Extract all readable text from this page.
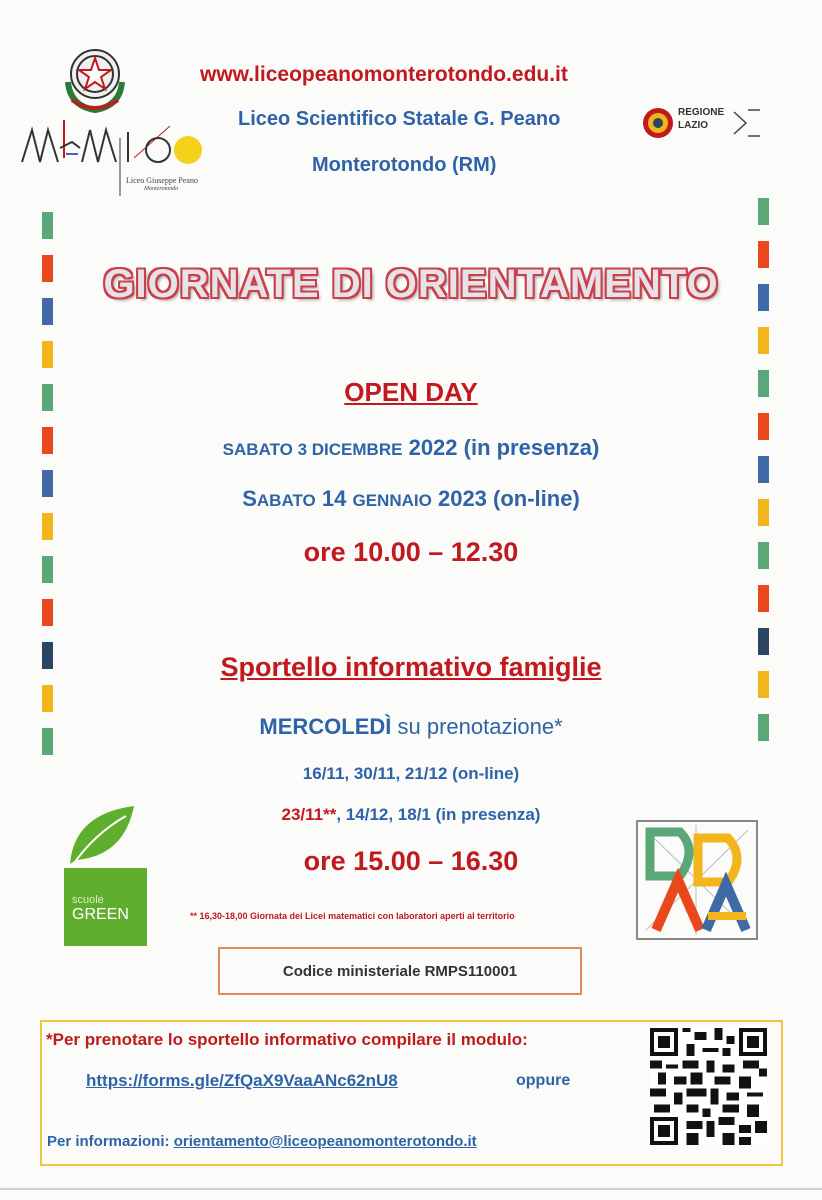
Liceo Giuseppe Peano
Monterotondo
www.liceopeanomonterotondo.edu.it
Liceo Scientifico Statale G. Peano
Monterotondo (RM)
REGIONE
LAZIO
GIORNATE DI ORIENTAMENTO
OPEN DAY
SABATO 3 DICEMBRE 2022 (in presenza)
SABATO 14 GENNAIO 2023 (on-line)
ore 10.00 – 12.30
Sportello informativo famiglie
MERCOLEDÌ su prenotazione*
16/11, 30/11, 21/12 (on-line)
23/11**, 14/12, 18/1 (in presenza)
ore 15.00 – 16.30
** 16,30-18,00 Giornata dei Licei matematici con laboratori aperti al territorio
scuole
GREEN
Codice ministeriale RMPS110001
*Per prenotare lo sportello informativo compilare il modulo:
https://forms.gle/ZfQaX9VaaANc62nU8	oppure
Per informazioni: orientamento@liceopeanomonterotondo.it
